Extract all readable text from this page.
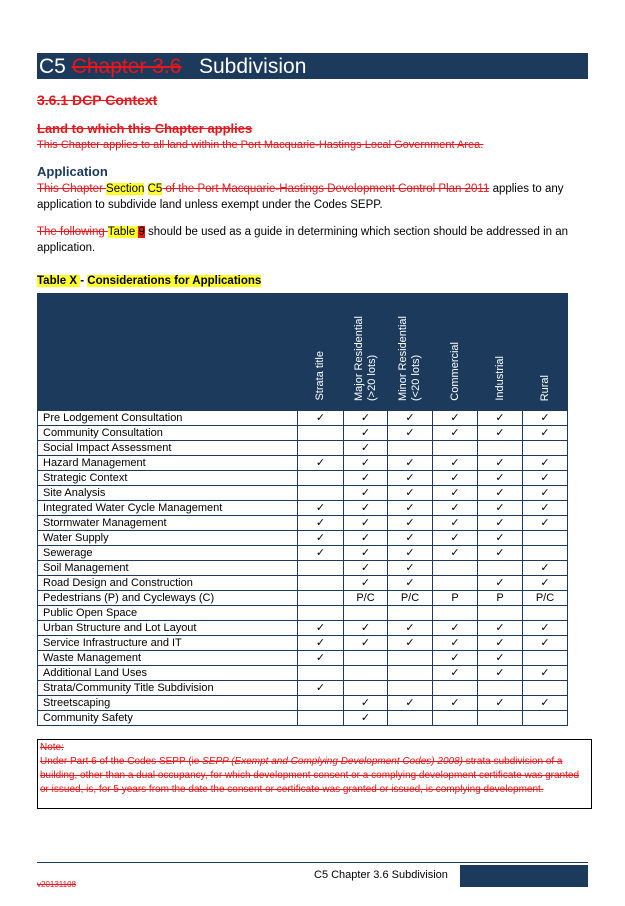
C5 Chapter 3.6 Subdivision
3.6.1 DCP Context
Land to which this Chapter applies
This Chapter applies to all land within the Port Macquarie-Hastings Local Government Area.
Application
This Chapter Section C5 of the Port Macquarie-Hastings Development Control Plan 2011 applies to any application to subdivide land unless exempt under the Codes SEPP.
The following Table 9 should be used as a guide in determining which section should be addressed in an application.
Table X - Considerations for Applications
	Strata title	Major Residential (>20 lots)	Minor Residential (<20 lots)	Commercial	Industrial	Rural
Pre Lodgement Consultation	✓	✓	✓	✓	✓	✓
Community Consultation		✓	✓	✓	✓	✓
Social Impact Assessment		✓				
Hazard Management	✓	✓	✓	✓	✓	✓
Strategic Context		✓	✓	✓	✓	✓
Site Analysis		✓	✓	✓	✓	✓
Integrated Water Cycle Management	✓	✓	✓	✓	✓	✓
Stormwater Management	✓	✓	✓	✓	✓	✓
Water Supply	✓	✓	✓	✓	✓	
Sewerage	✓	✓	✓	✓	✓	
Soil Management		✓	✓			✓
Road Design and Construction		✓	✓		✓	✓
Pedestrians (P) and Cycleways (C)		P/C	P/C	P	P	P/C
Public Open Space						
Urban Structure and Lot Layout	✓	✓	✓	✓	✓	✓
Service Infrastructure and IT	✓	✓	✓	✓	✓	✓
Waste Management	✓			✓	✓	
Additional Land Uses				✓	✓	✓
Strata/Community Title Subdivision	✓					
Streetscaping		✓	✓	✓	✓	✓
Community Safety		✓				
Note:
Under Part 6 of the Codes SEPP (ie SEPP (Exempt and Complying Development Codes) 2008) strata subdivision of a building, other than a dual occupancy, for which development consent or a complying development certificate was granted or issued, is, for 5 years from the date the consent or certificate was granted or issued, is complying development.
C5 Chapter 3.6 Subdivision
v20131108
